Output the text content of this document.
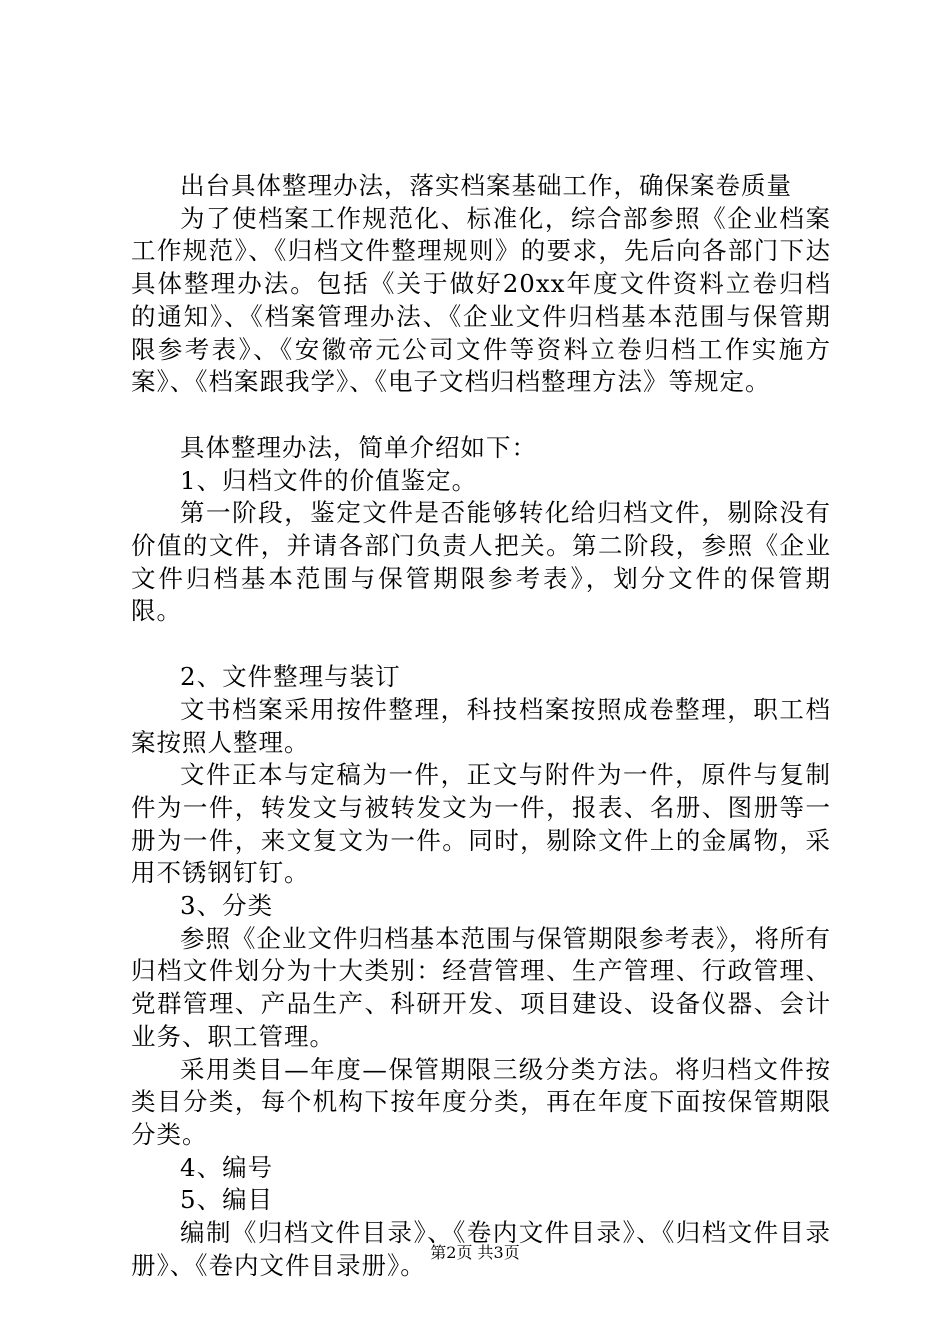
出台具体整理办法，落实档案基础工作，确保案卷质量

为了使档案工作规范化、标准化，综合部参照《企业档案工作规范》、《归档文件整理规则》的要求，先后向各部门下达具体整理办法。包括《关于做好20xx年度文件资料立卷归档的通知》、《档案管理办法、《企业文件归档基本范围与保管期限参考表》、《安徽帝元公司文件等资料立卷归档工作实施方案》、《档案跟我学》、《电子文档归档整理方法》等规定。

具体整理办法，简单介绍如下：

1、归档文件的价值鉴定。

第一阶段，鉴定文件是否能够转化给归档文件，剔除没有价值的文件，并请各部门负责人把关。第二阶段，参照《企业文件归档基本范围与保管期限参考表》，划分文件的保管期限。

2、文件整理与装订

文书档案采用按件整理，科技档案按照成卷整理，职工档案按照人整理。

文件正本与定稿为一件，正文与附件为一件，原件与复制件为一件，转发文与被转发文为一件，报表、名册、图册等一册为一件，来文复文为一件。同时，剔除文件上的金属物，采用不锈钢钉钉。

3、分类

参照《企业文件归档基本范围与保管期限参考表》，将所有归档文件划分为十大类别：经营管理、生产管理、行政管理、党群管理、产品生产、科研开发、项目建设、设备仪器、会计业务、职工管理。

采用类目—年度—保管期限三级分类方法。将归档文件按类目分类，每个机构下按年度分类，再在年度下面按保管期限分类。

4、编号

5、编目

编制《归档文件目录》、《卷内文件目录》、《归档文件目录册》、《卷内文件目录册》。 第2页 共3页
